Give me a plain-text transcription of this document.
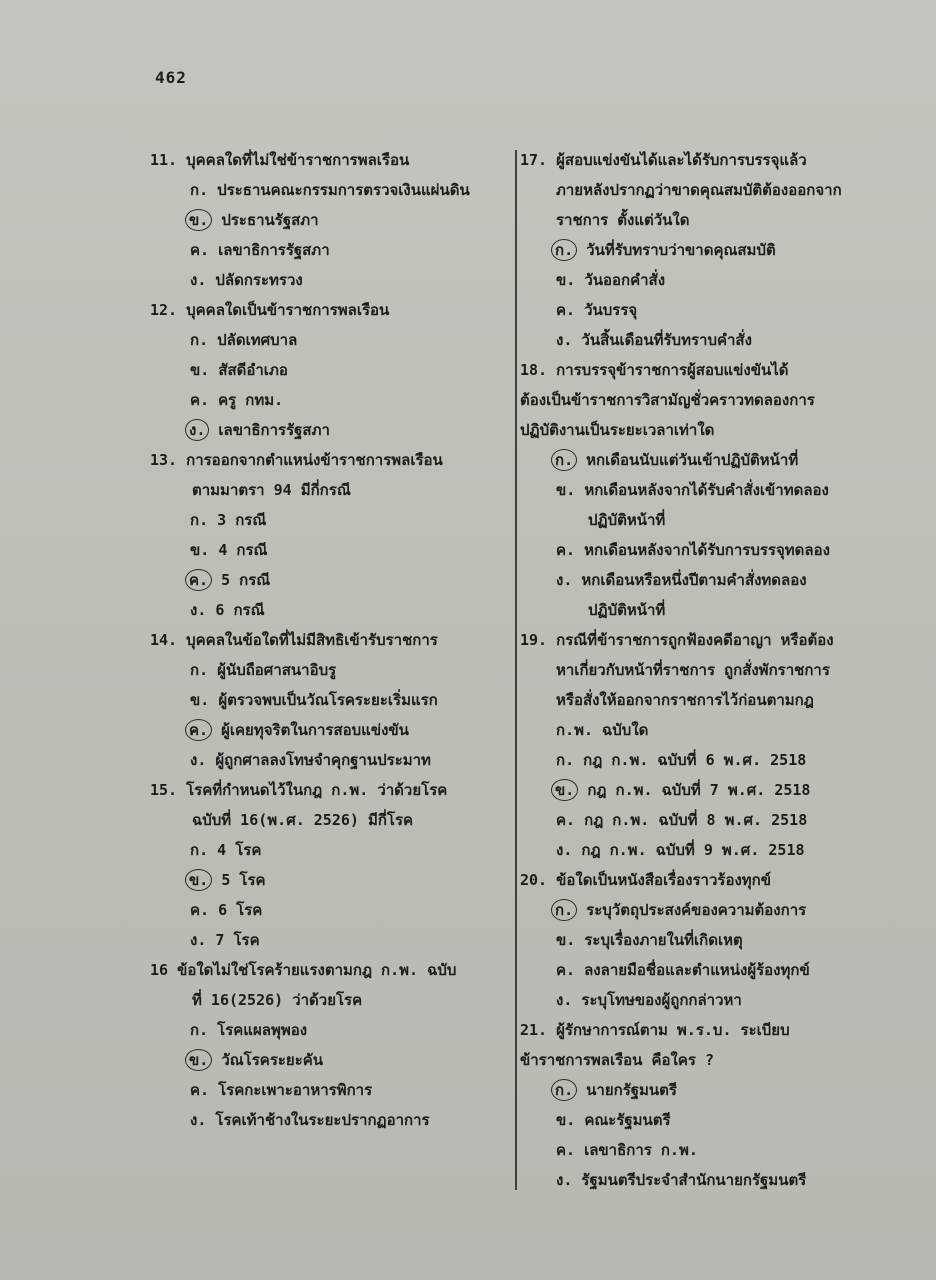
462
11. บุคคลใดที่ไม่ใช่ข้าราชการพลเรือน
ก. ประธานคณะกรรมการตรวจเงินแผ่นดิน
ข. ประธานรัฐสภา
ค. เลขาธิการรัฐสภา
ง. ปลัดกระทรวง
12. บุคคลใดเป็นข้าราชการพลเรือน
ก. ปลัดเทศบาล
ข. สัสดีอำเภอ
ค. ครู กทม.
ง. เลขาธิการรัฐสภา
13. การออกจากตำแหน่งข้าราชการพลเรือน
ตามมาตรา 94 มีกี่กรณี
ก. 3 กรณี
ข. 4 กรณี
ค. 5 กรณี
ง. 6 กรณี
14. บุคคลในข้อใดที่ไม่มีสิทธิเข้ารับราชการ
ก. ผู้นับถือศาสนาอิบรู
ข. ผู้ตรวจพบเป็นวัณโรคระยะเริ่มแรก
ค. ผู้เคยทุจริตในการสอบแข่งขัน
ง. ผู้ถูกศาลลงโทษจำคุกฐานประมาท
15. โรคที่กำหนดไว้ในกฎ ก.พ. ว่าด้วยโรค
ฉบับที่ 16(พ.ศ. 2526) มีกี่โรค
ก. 4 โรค
ข. 5 โรค
ค. 6 โรค
ง. 7 โรค
16 ข้อใดไม่ใช่โรคร้ายแรงตามกฎ ก.พ. ฉบับ
ที่ 16(2526) ว่าด้วยโรค
ก. โรคแผลพุพอง
ข. วัณโรคระยะคัน
ค. โรคกะเพาะอาหารพิการ
ง. โรคเท้าช้างในระยะปรากฏอาการ
17. ผู้สอบแข่งขันได้และได้รับการบรรจุแล้ว
ภายหลังปรากฏว่าขาดคุณสมบัติต้องออกจาก
ราชการ ตั้งแต่วันใด
ก. วันที่รับทราบว่าขาดคุณสมบัติ
ข. วันออกคำสั่ง
ค. วันบรรจุ
ง. วันสิ้นเดือนที่รับทราบคำสั่ง
18. การบรรจุข้าราชการผู้สอบแข่งขันได้
ต้องเป็นข้าราชการวิสามัญชั่วคราวทดลองการ
ปฏิบัติงานเป็นระยะเวลาเท่าใด
ก. หกเดือนนับแต่วันเข้าปฏิบัติหน้าที่
ข. หกเดือนหลังจากได้รับคำสั่งเข้าทดลอง
ปฏิบัติหน้าที่
ค. หกเดือนหลังจากได้รับการบรรจุทดลอง
ง. หกเดือนหรือหนึ่งปีตามคำสั่งทดลอง
ปฏิบัติหน้าที่
19. กรณีที่ข้าราชการถูกฟ้องคดีอาญา หรือต้อง
หาเกี่ยวกับหน้าที่ราชการ ถูกสั่งพักราชการ
หรือสั่งให้ออกจากราชการไว้ก่อนตามกฎ
ก.พ. ฉบับใด
ก. กฎ ก.พ. ฉบับที่ 6 พ.ศ. 2518
ข. กฎ ก.พ. ฉบับที่ 7 พ.ศ. 2518
ค. กฎ ก.พ. ฉบับที่ 8 พ.ศ. 2518
ง. กฎ ก.พ. ฉบับที่ 9 พ.ศ. 2518
20. ข้อใดเป็นหนังสือเรื่องราวร้องทุกข์
ก. ระบุวัตถุประสงค์ของความต้องการ
ข. ระบุเรื่องภายในที่เกิดเหตุ
ค. ลงลายมือชื่อและตำแหน่งผู้ร้องทุกข์
ง. ระบุโทษของผู้ถูกกล่าวหา
21. ผู้รักษาการณ์ตาม พ.ร.บ. ระเบียบ
ข้าราชการพลเรือน คือใคร ?
ก. นายกรัฐมนตรี
ข. คณะรัฐมนตรี
ค. เลขาธิการ ก.พ.
ง. รัฐมนตรีประจำสำนักนายกรัฐมนตรี
